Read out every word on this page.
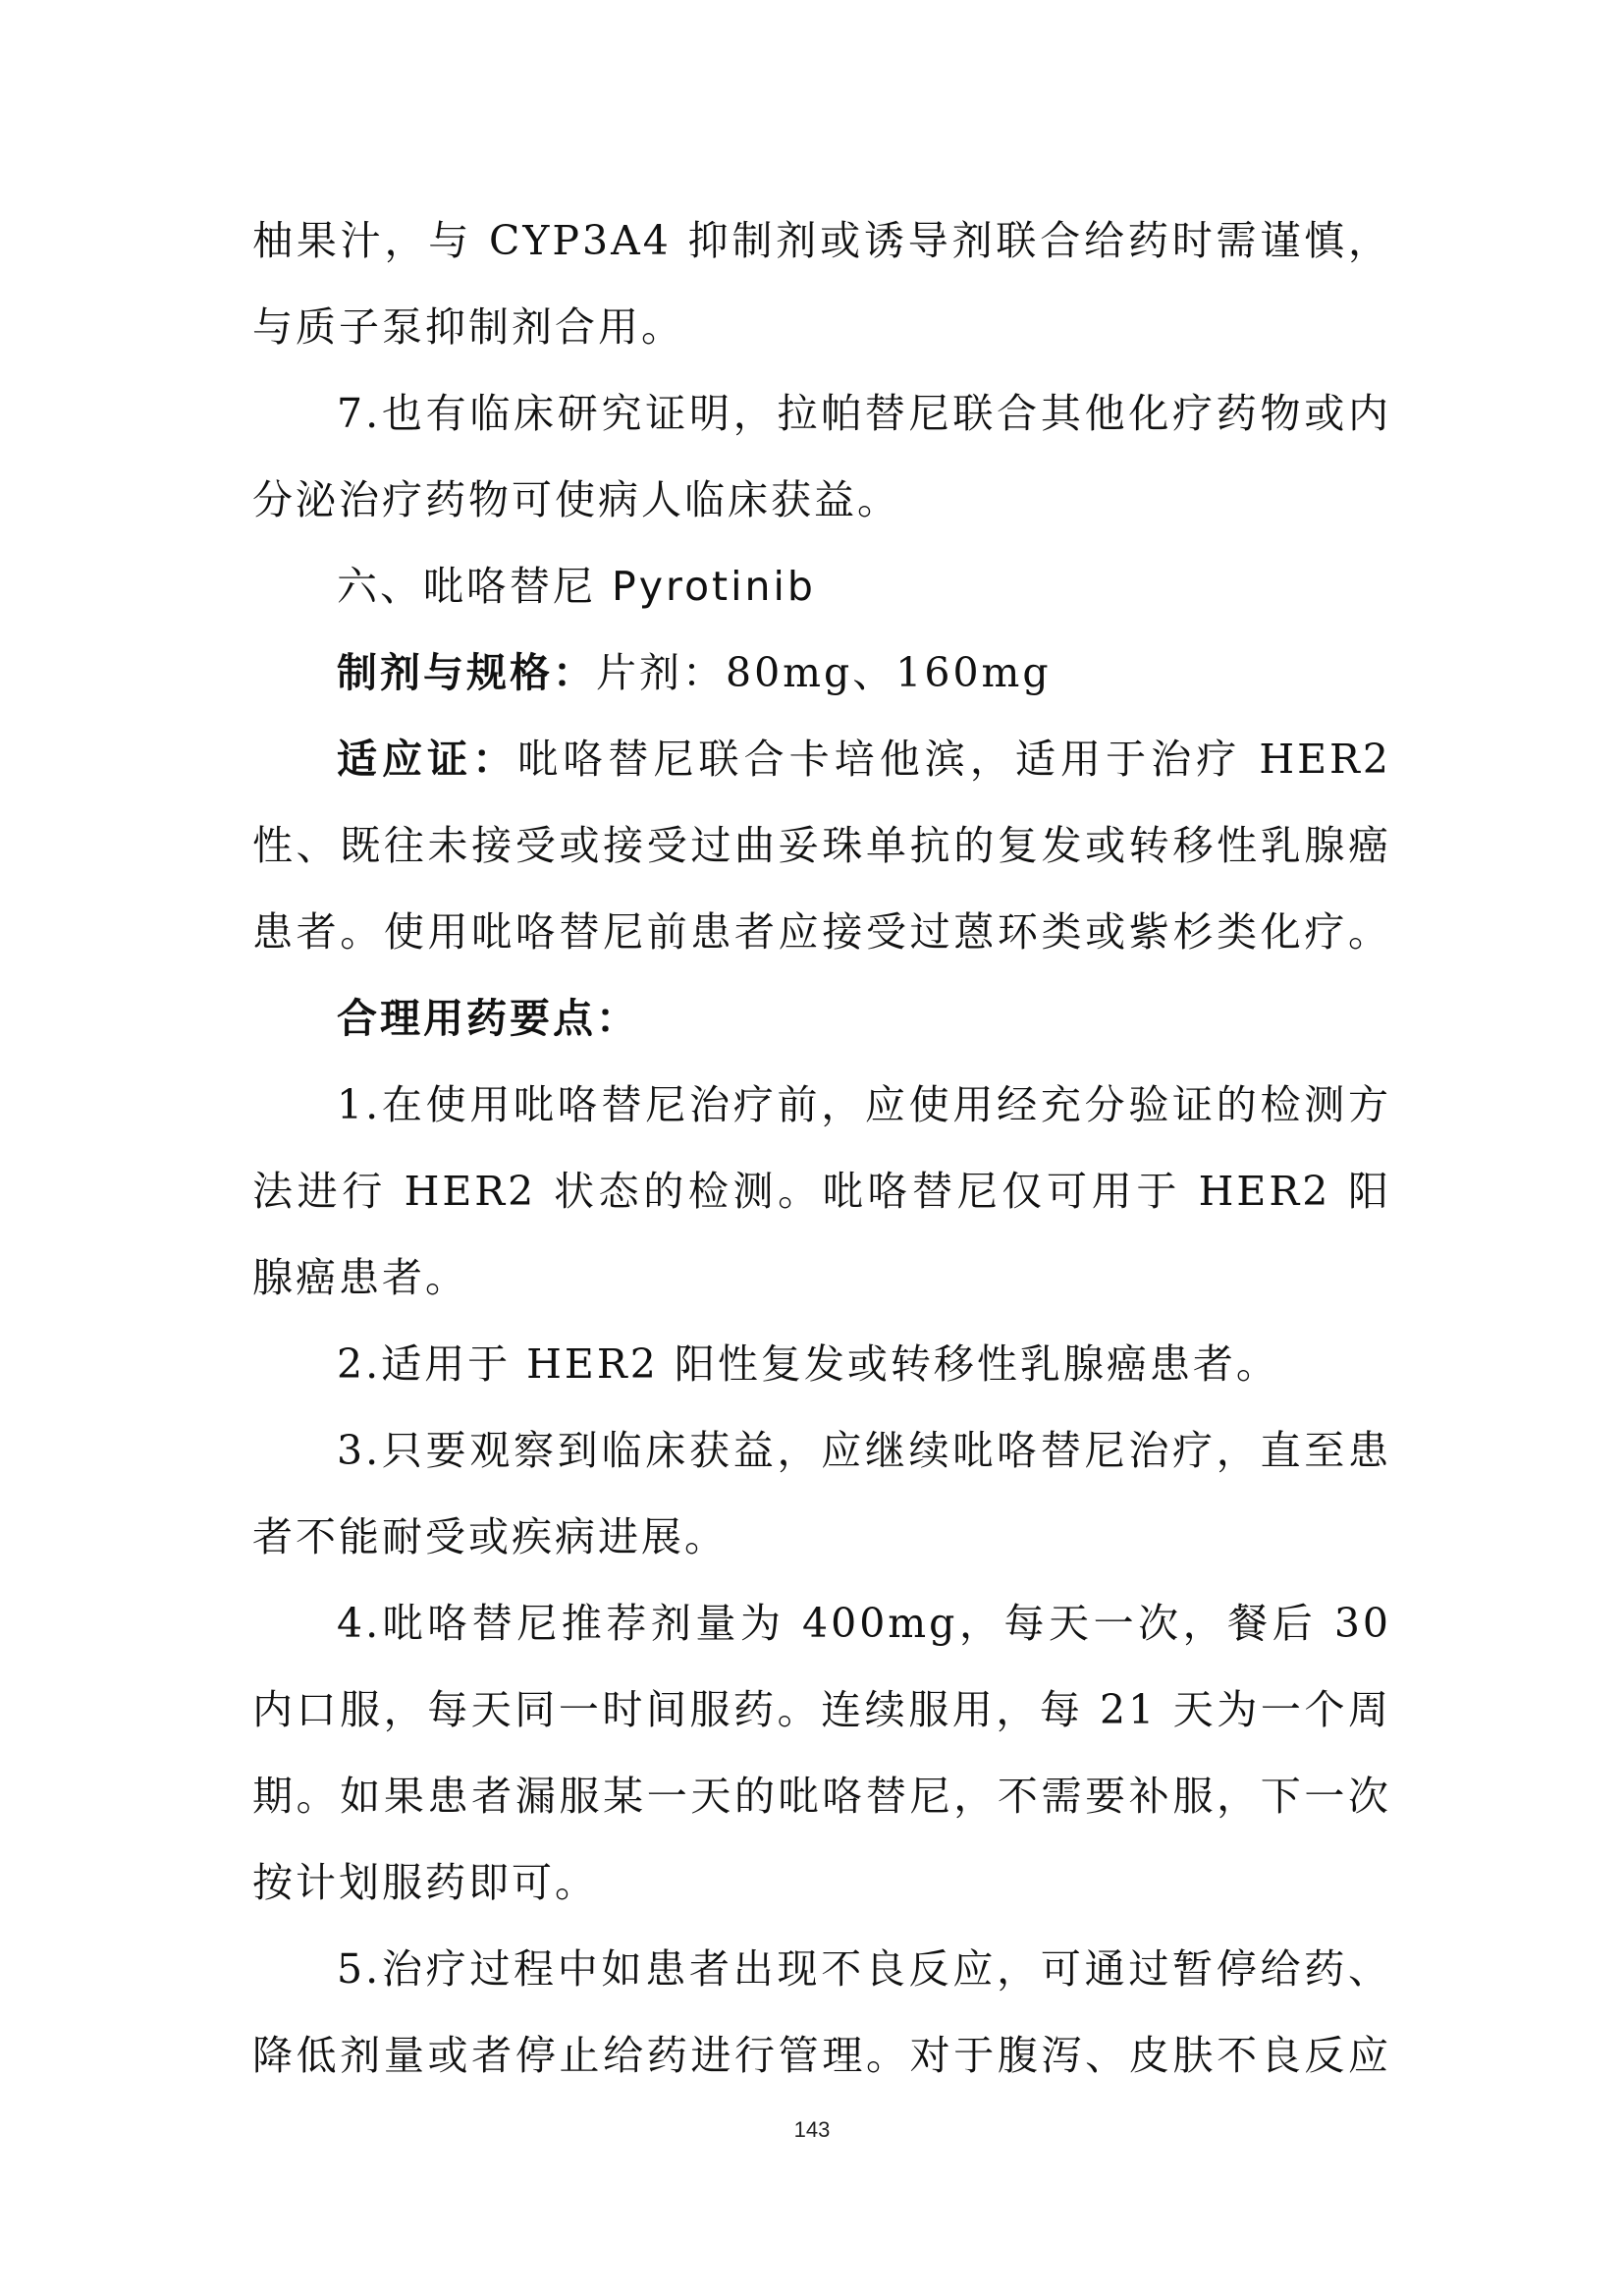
柚果汁，与 CYP3A4 抑制剂或诱导剂联合给药时需谨慎，
与质子泵抑制剂合用。
7.也有临床研究证明，拉帕替尼联合其他化疗药物或内
分泌治疗药物可使病人临床获益。
六、吡咯替尼 Pyrotinib
制剂与规格：片剂：80mg、160mg
适应证：吡咯替尼联合卡培他滨，适用于治疗 HER2
性、既往未接受或接受过曲妥珠单抗的复发或转移性乳腺癌
患者。使用吡咯替尼前患者应接受过蒽环类或紫杉类化疗。
合理用药要点：
1.在使用吡咯替尼治疗前，应使用经充分验证的检测方
法进行 HER2 状态的检测。吡咯替尼仅可用于 HER2 阳
腺癌患者。
2.适用于 HER2 阳性复发或转移性乳腺癌患者。
3.只要观察到临床获益，应继续吡咯替尼治疗，直至患
者不能耐受或疾病进展。
4.吡咯替尼推荐剂量为 400mg，每天一次，餐后 30
内口服，每天同一时间服药。连续服用，每 21 天为一个周
期。如果患者漏服某一天的吡咯替尼，不需要补服，下一次
按计划服药即可。
5.治疗过程中如患者出现不良反应，可通过暂停给药、
降低剂量或者停止给药进行管理。对于腹泻、皮肤不良反应
143
